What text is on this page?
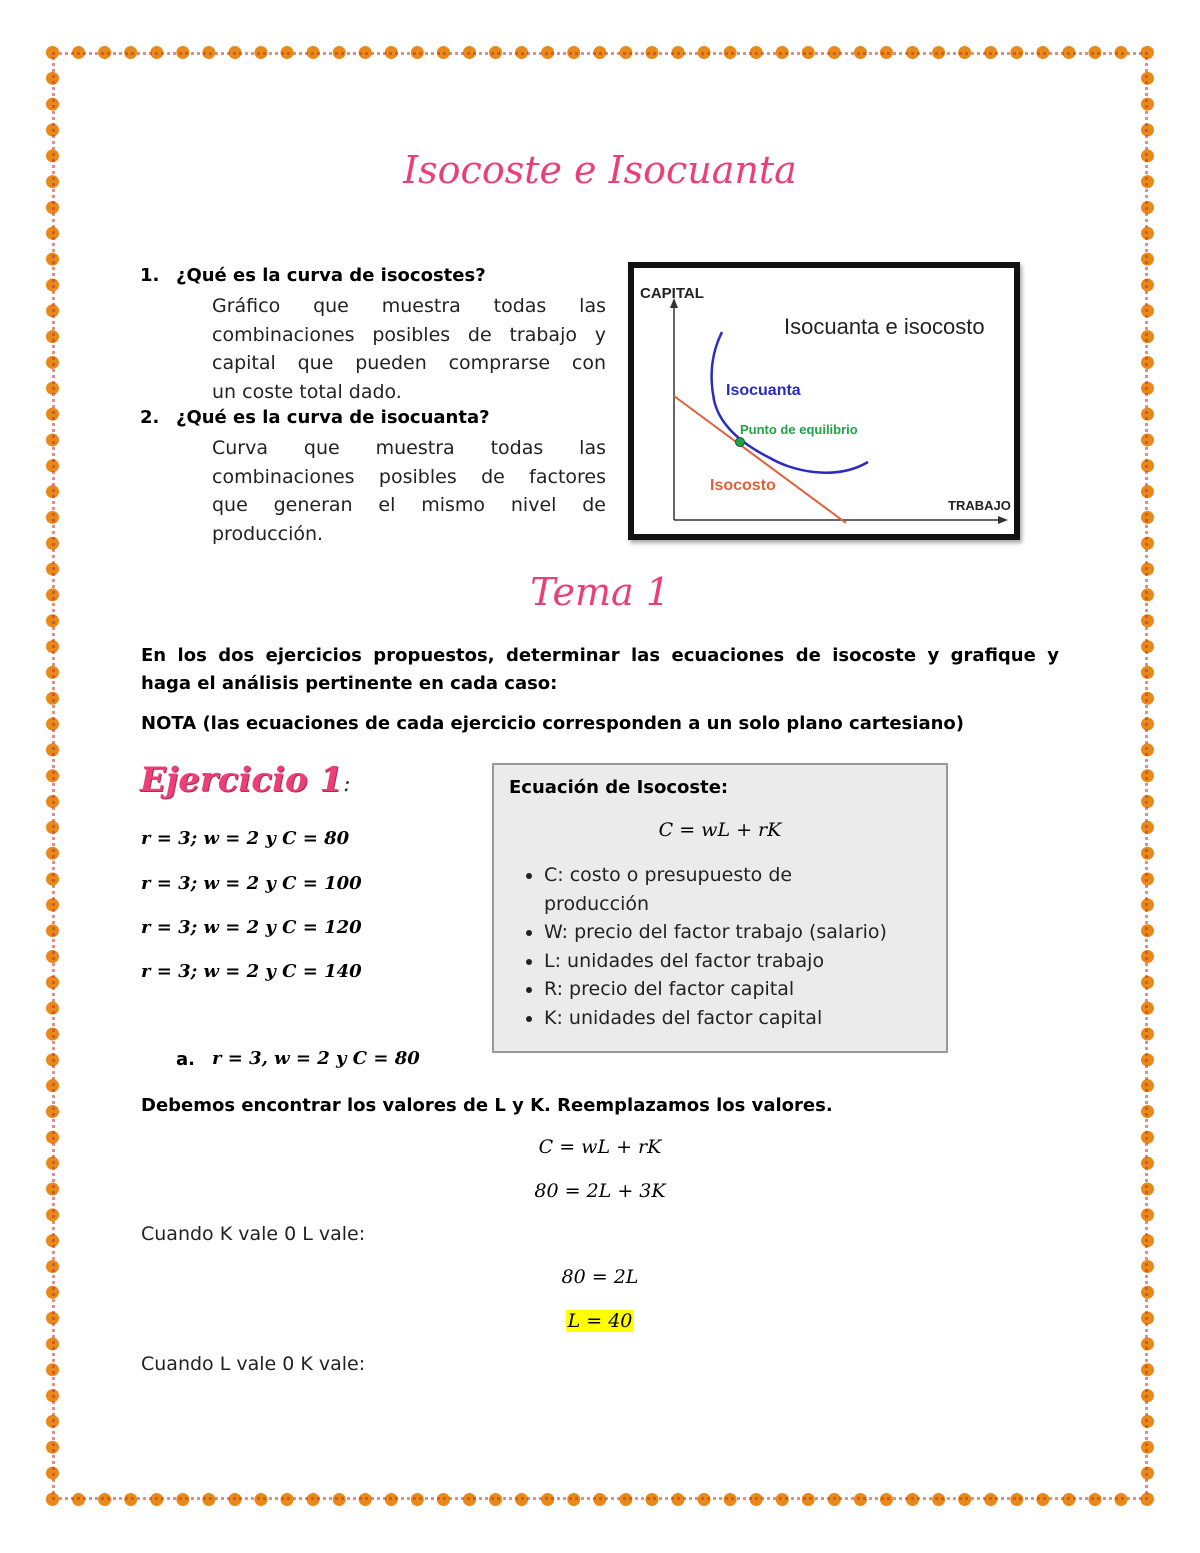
Isocoste e Isocuanta
1. ¿Qué es la curva de isocostes?
Gráfico que muestra todas las
combinaciones posibles de trabajo y
capital que pueden comprarse con
un coste total dado.
2. ¿Qué es la curva de isocuanta?
Curva que muestra todas las
combinaciones posibles de factores
que generan el mismo nivel de
producción.
CAPITAL
Isocuanta e isocosto
Isocuanta
Punto de equilibrio
Isocosto
TRABAJO
Tema 1
En los dos ejercicios propuestos, determinar las ecuaciones de isocoste y grafique y
haga el análisis pertinente en cada caso:
NOTA (las ecuaciones de cada ejercicio corresponden a un solo plano cartesiano)
Ejercicio 1:
r = 3; w = 2 y C = 80
r = 3; w = 2 y C = 100
r = 3; w = 2 y C = 120
r = 3; w = 2 y C = 140
a. r = 3, w = 2 y C = 80
Ecuación de Isocoste:
C = wL + rK
• C: costo o presupuesto de producción
• W: precio del factor trabajo (salario)
• L: unidades del factor trabajo
• R: precio del factor capital
• K: unidades del factor capital
Debemos encontrar los valores de L y K. Reemplazamos los valores.
C = wL + rK
80 = 2L + 3K
Cuando K vale 0 L vale:
80 = 2L
L = 40
Cuando L vale 0 K vale:
